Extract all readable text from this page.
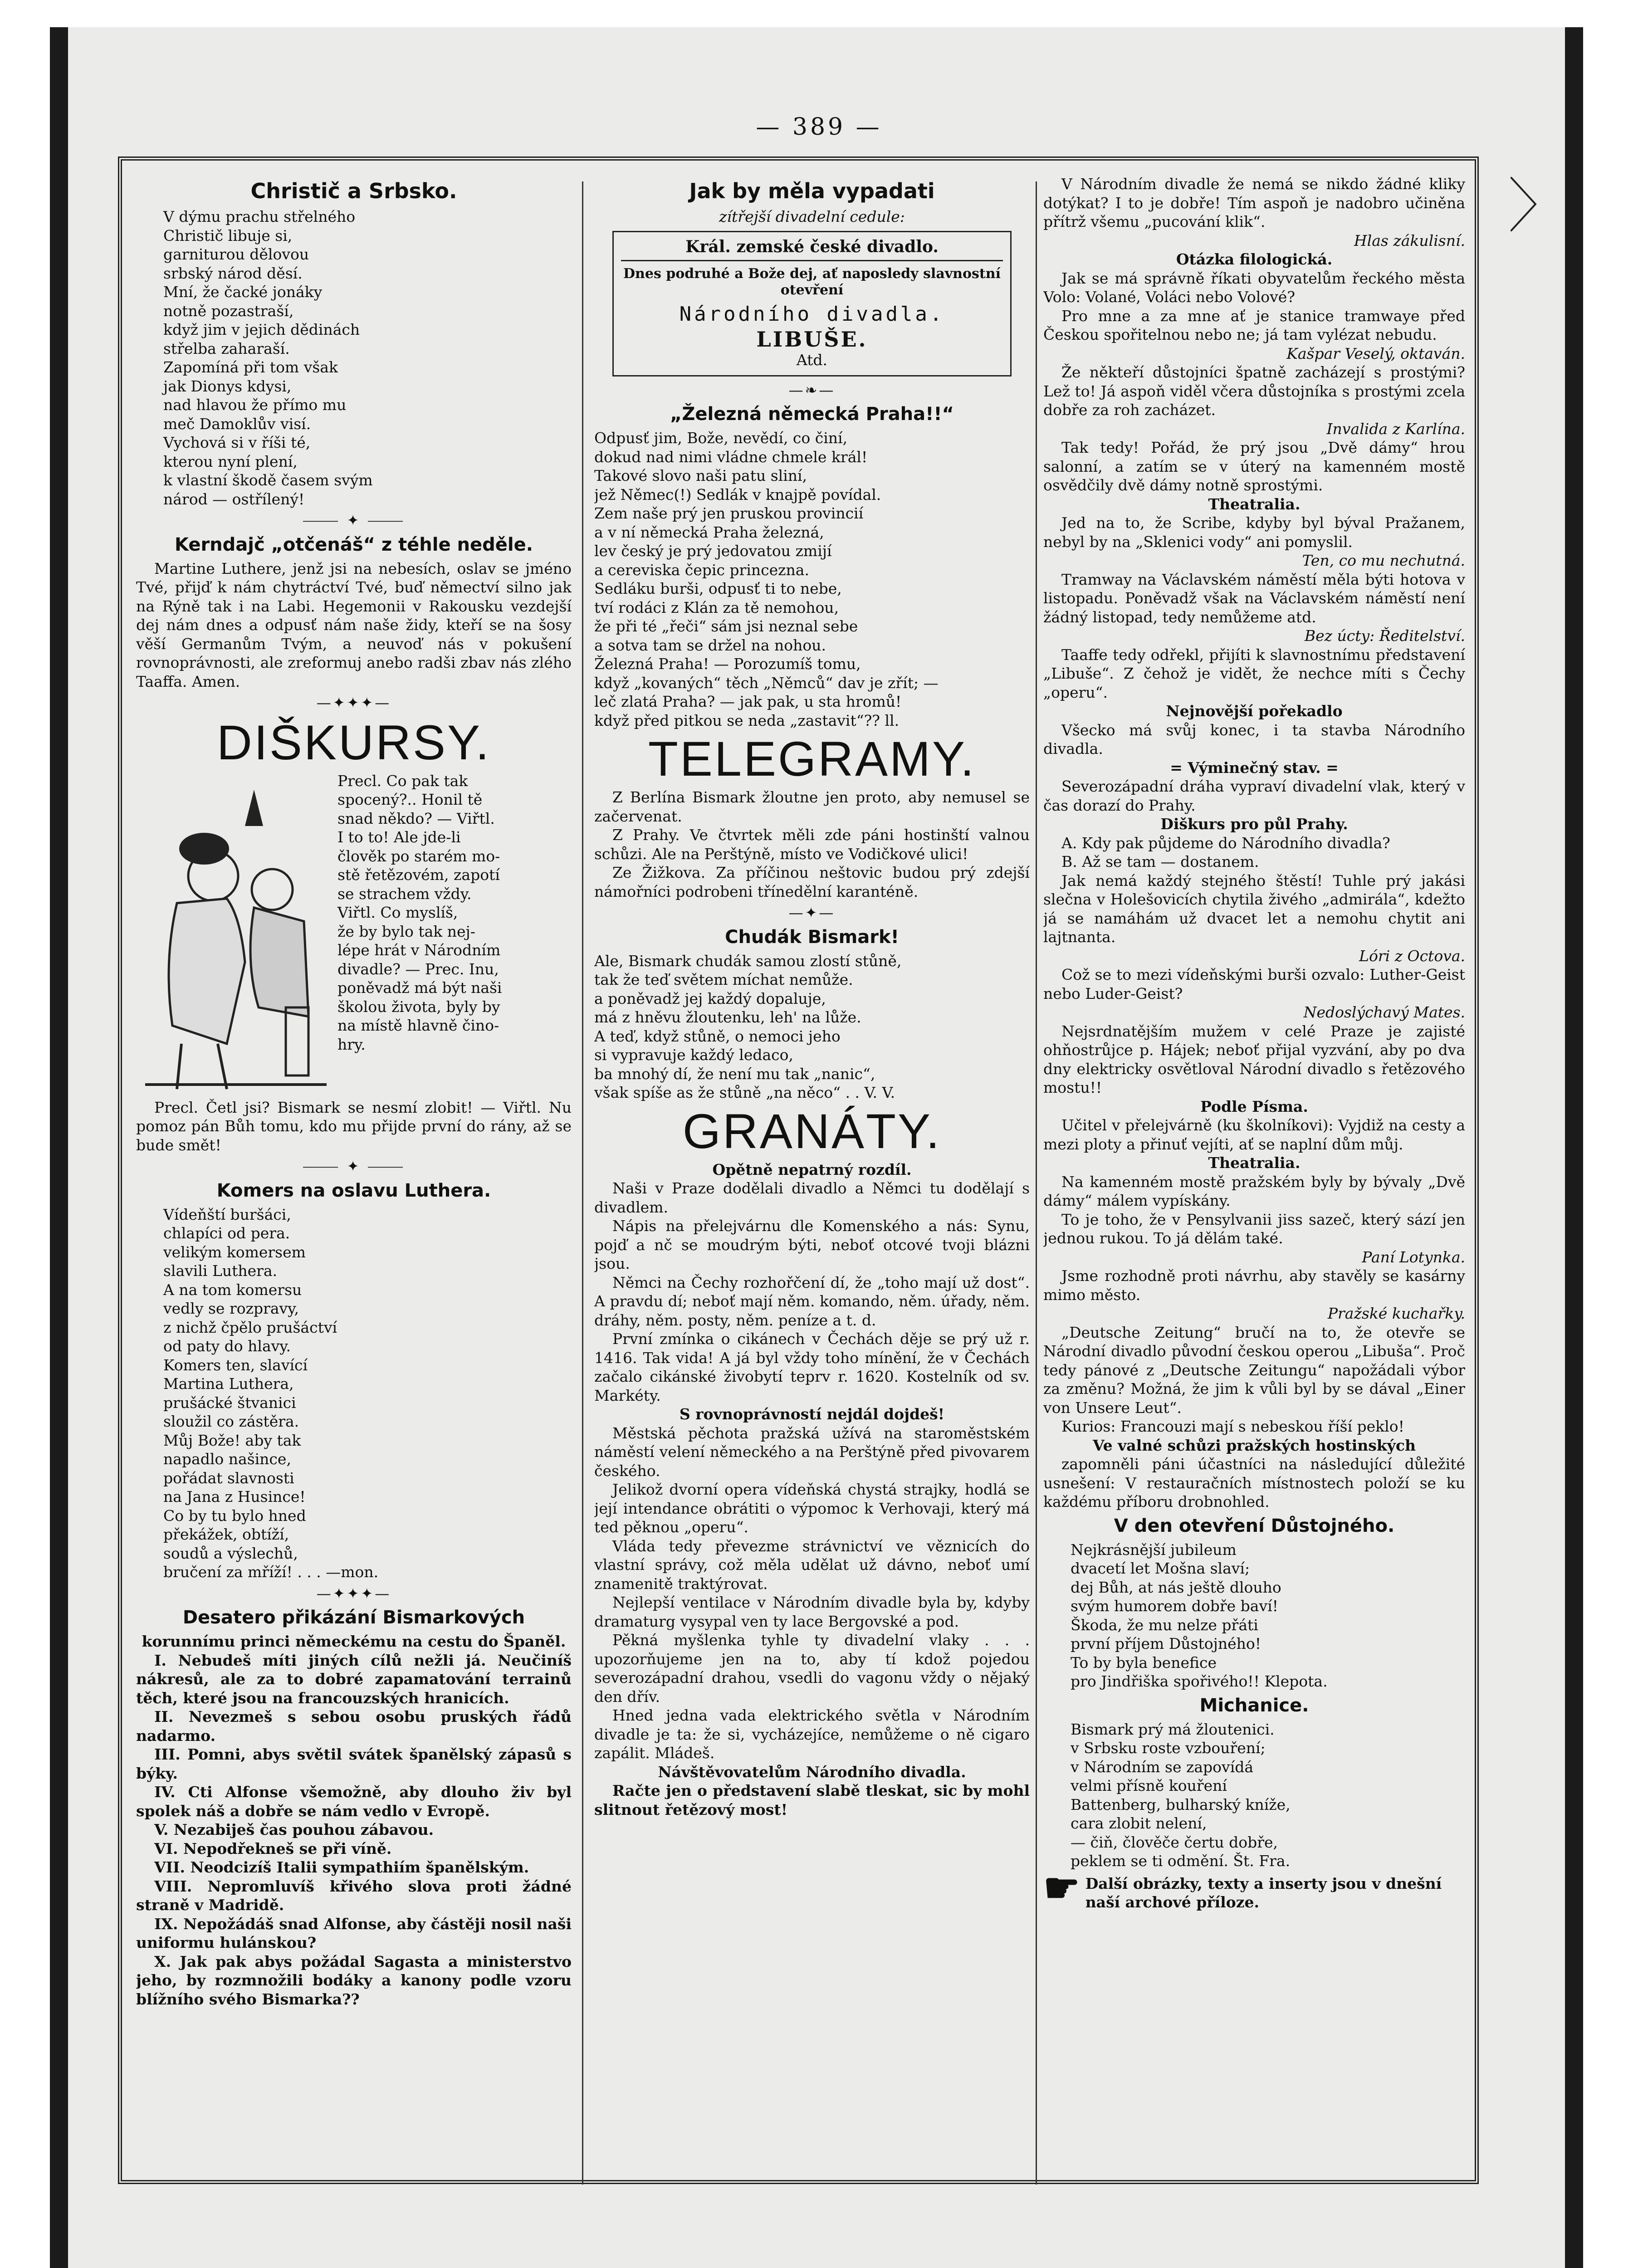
— 389 —
Christič a Srbsko.

V dýmu prachu střelného

Christič libuje si,

garniturou dělovou

srbský národ děsí.

Mní, že čacké jonáky

notně pozastraší,

když jim v jejich dědinách

střelba zaharaší.

Zapomíná při tom však

jak Dionys kdysi,

nad hlavou že přímo mu

meč Damoklův visí.

Vychová si v říši té,

kterou nyní plení,

k vlastní škodě časem svým

národ — ostřílený!

⸻ ✦ ⸻
Kerndajč „otčenáš“ z téhle neděle.

Martine Luthere, jenž jsi na nebesích, oslav se jméno Tvé, přijď k nám chytráctví Tvé, buď němectví silno jak na Rýně tak i na Labi. Hegemonii v Rakousku vezdejší dej nám dnes a odpusť nám naše židy, kteří se na šosy věší Germanům Tvým, a neuvoď nás v pokušení rovnoprávnosti, ale zreformuj anebo radši zbav nás zlého Taaffa. Amen.

—✦✦✦—
DIŠKURSY.

Precl. Co pak tak

spocený?.. Honil tě

snad někdo? — Viřtl.

I to to! Ale jde-li

člověk po starém mo-

stě řetězovém, zapotí

se strachem vždy.

Viřtl. Co myslíš,

že by bylo tak nej-

lépe hrát v Národním

divadle? — Prec. Inu,

poněvadž má být naši

školou života, byly by

na místě hlavně čino-

hry.

Precl. Četl jsi? Bismark se nesmí zlobit! — Viřtl. Nu pomoz pán Bůh tomu, kdo mu přijde první do rány, až se bude smět!

⸻ ✦ ⸻
Komers na oslavu Luthera.

Vídeňští buršáci,

chlapíci od pera.

velikým komersem

slavili Luthera.

A na tom komersu

vedly se rozpravy,

z nichž čpělo prušáctví

od paty do hlavy.

Komers ten, slavící

Martina Luthera,

prušácké štvanici

sloužil co zástěra.

Můj Bože! aby tak

napadlo našince,

pořádat slavnosti

na Jana z Husince!

Co by tu bylo hned

překážek, obtíží,

soudů a výslechů,

bručení za mříží! . . . —mon.

—✦✦✦—
Desatero přikázání Bismarkových

korunnímu princi německému na cestu do Španěl.

I. Nebudeš míti jiných cílů nežli já. Neučiníš nákresů, ale za to dobré zapamatování terrainů těch, které jsou na francouzských hranicích.

II. Nevezmeš s sebou osobu pruských řádů nadarmo.

III. Pomni, abys světil svátek španělský zápasů s býky.

IV. Cti Alfonse všemožně, aby dlouho živ byl spolek náš a dobře se nám vedlo v Evropě.

V. Nezabiješ čas pouhou zábavou.

VI. Nepodřekneš se při víně.

VII. Neodcizíš Italii sympathiím španělským.

VIII. Nepromluvíš křivého slova proti žádné straně v Madridě.

IX. Nepožádáš snad Alfonse, aby částěji nosil naši uniformu hulánskou?

X. Jak pak abys požádal Sagasta a ministerstvo jeho, by rozmnožili bodáky a kanony podle vzoru blížního svého Bismarka??

Jak by měla vypadati

zítřejší divadelní cedule:

Král. zemské české divadlo.

Dnes podruhé a Bože dej, ať naposledy slavnostní otevření

Národního divadla.

LIBUŠE.

Atd.

—❧—
„Železná německá Praha!!“

Odpusť jim, Bože, nevědí, co činí,

dokud nad nimi vládne chmele král!

Takové slovo naši patu sliní,

jež Němec(!) Sedlák v knajpě povídal.

Zem naše prý jen pruskou provincií

a v ní německá Praha železná,

lev český je prý jedovatou zmijí

a cereviska čepic princezna.

Sedláku burši, odpusť ti to nebe,

tví rodáci z Klán za tě nemohou,

že při té „řeči“ sám jsi neznal sebe

a sotva tam se držel na nohou.

Železná Praha! — Porozumíš tomu,

když „kovaných“ těch „Němců“ dav je zřít; —

leč zlatá Praha? — jak pak, u sta hromů!

když před pitkou se neda „zastavit“?? ll.

TELEGRAMY.

Z Berlína Bismark žloutne jen proto, aby nemusel se začervenat.

Z Prahy. Ve čtvrtek měli zde páni hostinští valnou schůzi. Ale na Perštýně, místo ve Vodičkové ulici!

Ze Žižkova. Za příčinou neštovic budou prý zdejší námořníci podrobeni třínedělní karanténě.

—✦—
Chudák Bismark!

Ale, Bismark chudák samou zlostí stůně,

tak že teď světem míchat nemůže.

a poněvadž jej každý dopaluje,

má z hněvu žloutenku, leh' na lůže.

A teď, když stůně, o nemoci jeho

si vypravuje každý ledaco,

ba mnohý dí, že není mu tak „nanic“,

však spíše as že stůně „na něco“ . . V. V.

GRANÁTY.

Opětně nepatrný rozdíl.

Naši v Praze dodělali divadlo a Němci tu dodělají s divadlem.

Nápis na přelejvárnu dle Komenského a nás: Synu, pojď a nč se moudrým býti, neboť otcové tvoji blázni jsou.

Němci na Čechy rozhořčení dí, že „toho mají už dost“. A pravdu dí; neboť mají něm. komando, něm. úřady, něm. dráhy, něm. posty, něm. peníze a t. d.

První zmínka o cikánech v Čechách děje se prý už r. 1416. Tak vida! A já byl vždy toho mínění, že v Čechách začalo cikánské živobytí teprv r. 1620. Kostelník od sv. Markéty.

S rovnoprávností nejdál dojdeš!

Městská pěchota pražská užívá na staroměstském náměstí velení německého a na Perštýně před pivovarem českého.

Jelikož dvorní opera vídeňská chystá strajky, hodlá se její intendance obrátiti o výpomoc k Verhovaji, který má ted pěknou „operu“.

Vláda tedy převezme strávnictví ve věznicích do vlastní správy, což měla udělat už dávno, neboť umí znamenitě traktýrovat.

Nejlepší ventilace v Národním divadle byla by, kdyby dramaturg vysypal ven ty lace Bergovské a pod.

Pěkná myšlenka tyhle ty divadelní vlaky . . . upozorňujeme jen na to, aby tí kdož pojedou severozápadní drahou, vsedli do vagonu vždy o nějaký den dřív.

Hned jedna vada elektrického světla v Národním divadle je ta: že si, vycházejíce, nemůžeme o ně cigaro zapálit. Mládeš.

Návštěvovatelům Národního divadla.

Račte jen o představení slabě tleskat, sic by mohl slitnout řetězový most!

V Národním divadle že nemá se nikdo žádné kliky dotýkat? I to je dobře! Tím aspoň je nadobro učiněna přítrž všemu „pucování klik“.

Hlas zákulisní.

Otázka filologická.

Jak se má správně říkati obyvatelům řeckého města Volo: Volané, Voláci nebo Volové?

Pro mne a za mne ať je stanice tramwaye před Českou spořitelnou nebo ne; já tam vylézat nebudu.

Kašpar Veselý, oktaván.

Že někteří důstojníci špatně zacházejí s prostými? Lež to! Já aspoň viděl včera důstojníka s prostými zcela dobře za roh zacházet.

Invalida z Karlína.

Tak tedy! Pořád, že prý jsou „Dvě dámy“ hrou salonní, a zatím se v úterý na kamenném mostě osvědčily dvě dámy notně sprostými.

Theatralia.

Jed na to, že Scribe, kdyby byl býval Pražanem, nebyl by na „Sklenici vody“ ani pomyslil.

Ten, co mu nechutná.

Tramway na Václavském náměstí měla býti hotova v listopadu. Poněvadž však na Václavském náměstí není žádný listopad, tedy nemůžeme atd.

Bez úcty: Ředitelství.

Taaffe tedy odřekl, přijíti k slavnostnímu představení „Libuše“. Z čehož je vidět, že nechce míti s Čechy „operu“.

Nejnovější pořekadlo

Všecko má svůj konec, i ta stavba Národního divadla.

= Výminečný stav. =

Severozápadní dráha vypraví divadelní vlak, který v čas dorazí do Prahy.

Diškurs pro půl Prahy.

A. Kdy pak půjdeme do Národního divadla?

B. Až se tam — dostanem.

Jak nemá každý stejného štěstí! Tuhle prý jakási slečna v Holešovicích chytila živého „admirála“, kdežto já se namáhám už dvacet let a nemohu chytit ani lajtnanta.

Lóri z Octova.

Což se to mezi vídeňskými burši ozvalo: Luther-Geist nebo Luder-Geist?

Nedoslýchavý Mates.

Nejsrdnatějším mužem v celé Praze je zajisté ohňostrůjce p. Hájek; neboť přijal vyzvání, aby po dva dny elektricky osvětloval Národní divadlo s řetězového mostu!!

Podle Písma.

Učitel v přelejvárně (ku školníkovi): Vyjdiž na cesty a mezi ploty a přinuť vejíti, ať se naplní dům můj.

Theatralia.

Na kamenném mostě pražském byly by bývaly „Dvě dámy“ málem vypískány.

To je toho, že v Pensylvanii jiss sazeč, který sází jen jednou rukou. To já dělám také.

Paní Lotynka.

Jsme rozhodně proti návrhu, aby stavěly se kasárny mimo město.

Pražské kuchařky.

„Deutsche Zeitung“ bručí na to, že otevře se Národní divadlo původní českou operou „Libuša“. Proč tedy pánové z „Deutsche Zeitungu“ napožádali výbor za změnu? Možná, že jim k vůli byl by se dával „Einer von Unsere Leut“.

Kurios: Francouzi mají s nebeskou říší peklo!

Ve valné schůzi pražských hostinských

zapomněli páni účastníci na následující důležité usnešení: V restauračních místnostech položí se ku každému příboru drobnohled.

V den otevření Důstojného.

Nejkrásnější jubileum

dvacetí let Mošna slaví;

dej Bůh, at nás ještě dlouho

svým humorem dobře baví!

Škoda, že mu nelze přáti

první příjem Důstojného!

To by byla benefice

pro Jindřiška spořivého!! Klepota.

Michanice.

Bismark prý má žloutenici.

v Srbsku roste vzbouření;

v Národním se zapovídá

velmi přísně kouření

Battenberg, bulharský kníže,

cara zlobit nelení,

— čiň, člověče čertu dobře,

peklem se ti odmění. Št. Fra.

☛ Další obrázky, texty a inserty jsou v dnešní naší archové příloze.
